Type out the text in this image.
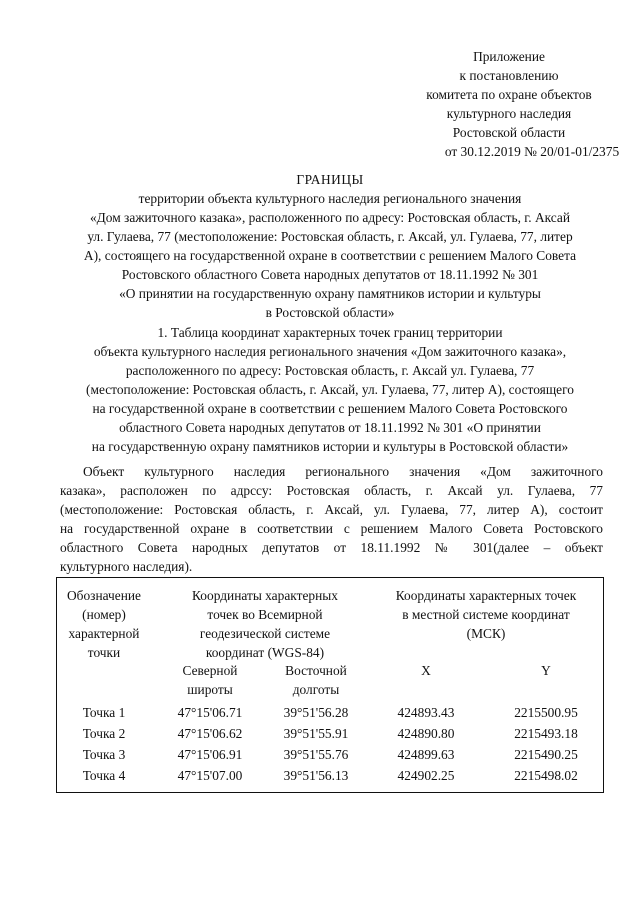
Приложение
к постановлению
комитета по охране объектов
культурного наследия
Ростовской области
от 30.12.2019 № 20/01-01/2375
ГРАНИЦЫ
территории объекта культурного наследия регионального значения
«Дом зажиточного казака», расположенного по адресу: Ростовская область, г. Аксай
ул. Гулаева, 77 (местоположение: Ростовская область, г. Аксай, ул. Гулаева, 77, литер
А), состоящего на государственной охране в соответствии с решением Малого Совета
Ростовского областного Совета народных депутатов от 18.11.1992 № 301
«О принятии на государственную охрану памятников истории и культуры
в Ростовской области»
1. Таблица координат характерных точек границ территории
объекта культурного наследия регионального значения «Дом зажиточного казака»,
расположенного по адресу: Ростовская область, г. Аксай ул. Гулаева, 77
(местоположение: Ростовская область, г. Аксай, ул. Гулаева, 77, литер А), состоящего
на государственной охране в соответствии с решением Малого Совета Ростовского
областного Совета народных депутатов от 18.11.1992 № 301 «О принятии
на государственную охрану памятников истории и культуры в Ростовской области»
Объект культурного наследия регионального значения «Дом зажиточного
казака», расположен по адрссу: Ростовская область, г. Аксай ул. Гулаева, 77
(местоположение: Ростовская область, г. Аксай, ул. Гулаева, 77, литер А), состоит
на государственной охране в соответствии с решением Малого Совета Ростовского
областного Совета народных депутатов от 18.11.1992 № 301(далее – объект
культурного наследия).
Обозначение
(номер)
характерной
точки
Координаты характерных
точек во Всемирной
геодезической системе
координат (WGS-84)
Координаты характерных точек
в местной системе координат
(МСК)
Северной
широты
Восточной
долготы
X	Y
Точка 1	47°15'06.71	39°51'56.28	424893.43	2215500.95
Точка 2	47°15'06.62	39°51'55.91	424890.80	2215493.18
Точка 3	47°15'06.91	39°51'55.76	424899.63	2215490.25
Точка 4	47°15'07.00	39°51'56.13	424902.25	2215498.02
